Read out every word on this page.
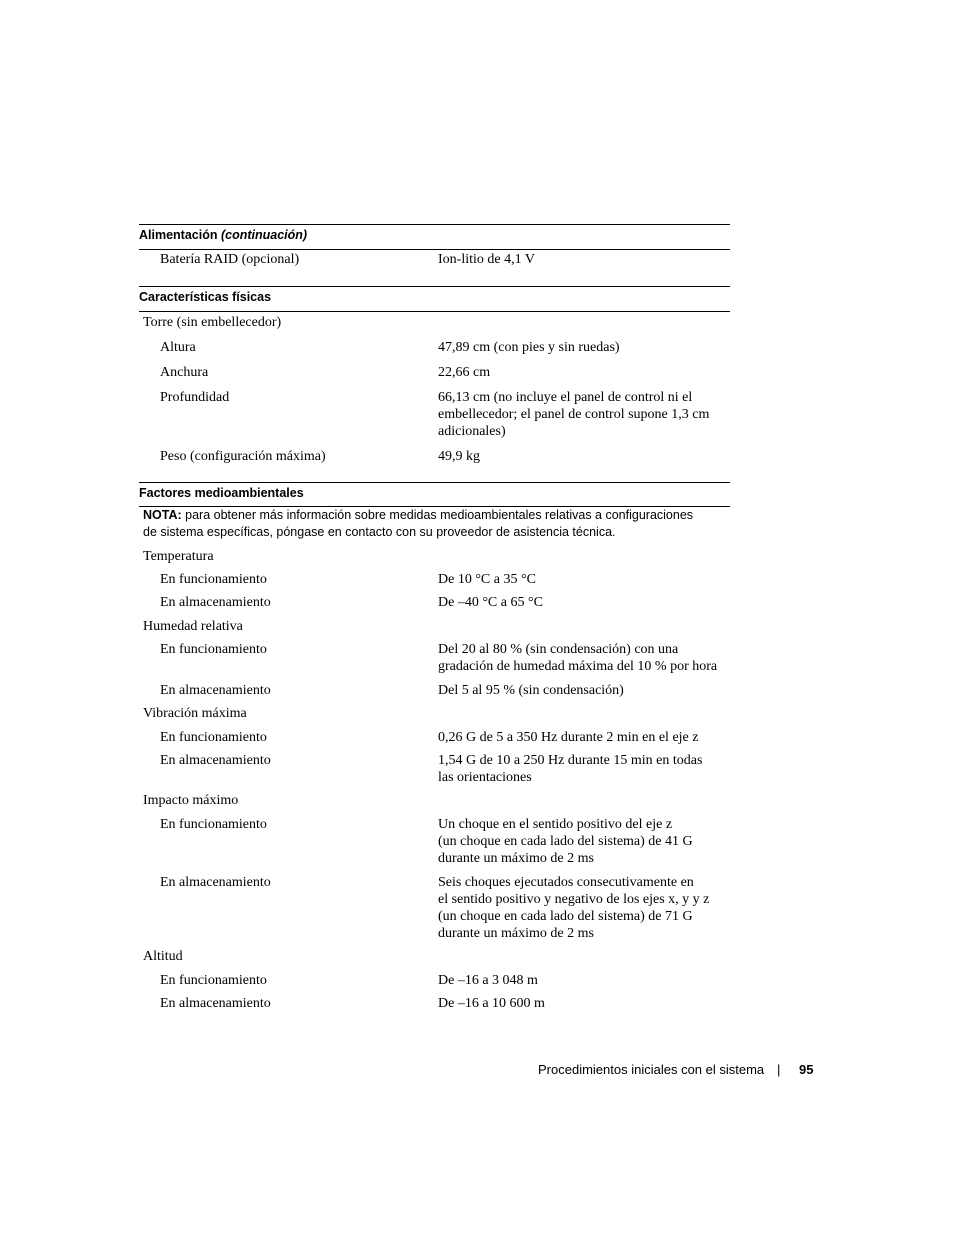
Alimentación (continuación)
Batería RAID (opcional)	Ion-litio de 4,1 V
Características físicas
Torre (sin embellecedor)
Altura	47,89 cm (con pies y sin ruedas)
Anchura	22,66 cm
Profundidad	66,13 cm (no incluye el panel de control ni el
embellecedor; el panel de control supone 1,3 cm
adicionales)
Peso (configuración máxima)	49,9 kg
Factores medioambientales
NOTA: para obtener más información sobre medidas medioambientales relativas a configuraciones
de sistema específicas, póngase en contacto con su proveedor de asistencia técnica.
Temperatura
En funcionamiento	De 10 °C a 35 °C
En almacenamiento	De –40 °C a 65 °C
Humedad relativa
En funcionamiento	Del 20 al 80 % (sin condensación) con una
gradación de humedad máxima del 10 % por hora
En almacenamiento	Del 5 al 95 % (sin condensación)
Vibración máxima
En funcionamiento	0,26 G de 5 a 350 Hz durante 2 min en el eje z
En almacenamiento	1,54 G de 10 a 250 Hz durante 15 min en todas
las orientaciones
Impacto máximo
En funcionamiento	Un choque en el sentido positivo del eje z
(un choque en cada lado del sistema) de 41 G
durante un máximo de 2 ms
En almacenamiento	Seis choques ejecutados consecutivamente en
el sentido positivo y negativo de los ejes x, y y z
(un choque en cada lado del sistema) de 71 G
durante un máximo de 2 ms
Altitud
En funcionamiento	De –16 a 3 048 m
En almacenamiento	De –16 a 10 600 m
Procedimientos iniciales con el sistema | 95
